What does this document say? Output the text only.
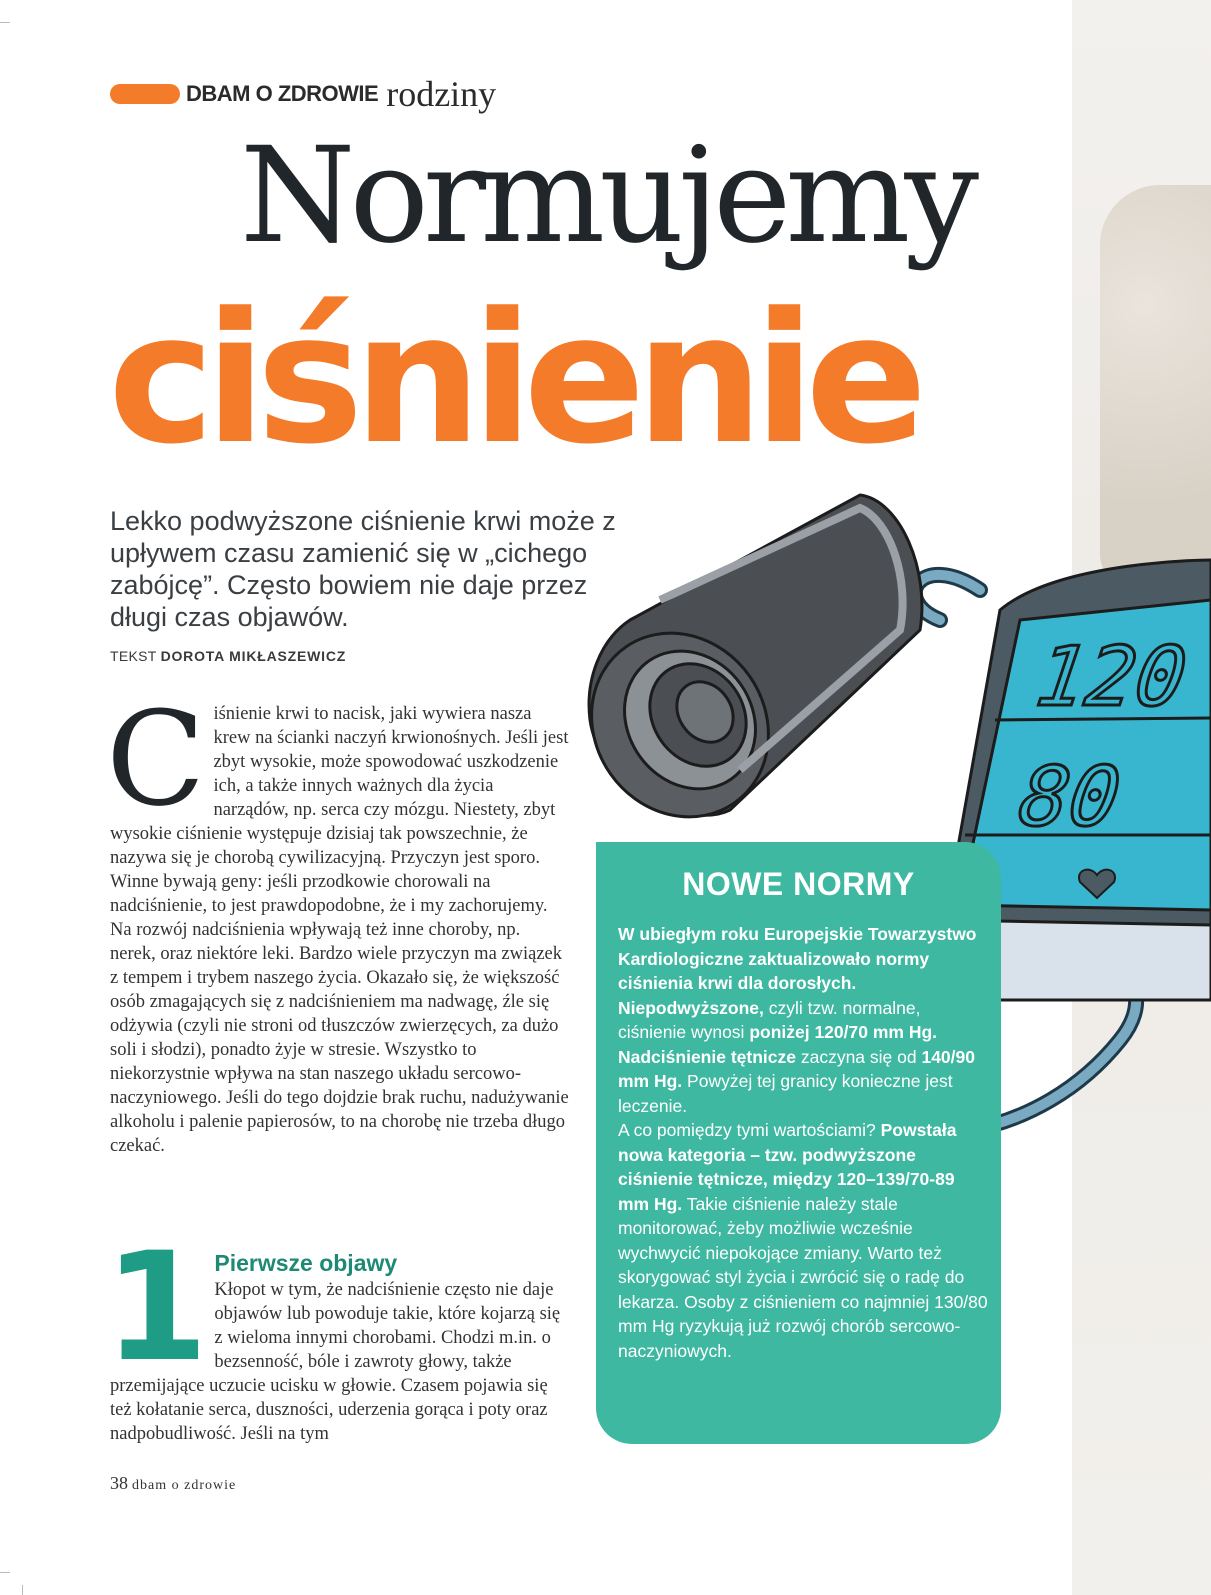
DBAM O ZDROWIE rodziny
Normujemy
ciśnienie
120
80
Lekko podwyższone ciśnienie krwi może z upływem czasu zamienić się w „cichego zabójcę”. Często bowiem nie daje przez długi czas objawów.
TEKST DOROTA MIKŁASZEWICZ
C iśnienie krwi to nacisk, jaki wywiera nasza krew na ścianki naczyń krwionośnych. Jeśli jest zbyt wysokie, może spowodować uszkodzenie ich, a także innych ważnych dla życia narządów, np. serca czy mózgu. Niestety, zbyt wysokie ciśnienie występuje dzisiaj tak powszechnie, że nazywa się je chorobą cywilizacyjną. Przyczyn jest sporo. Winne bywają geny: jeśli przodkowie chorowali na nadciśnienie, to jest prawdopodobne, że i my zachorujemy. Na rozwój nadciśnienia wpływają też inne choroby, np. nerek, oraz niektóre leki. Bardzo wiele przyczyn ma związek z tempem i trybem naszego życia. Okazało się, że większość osób zmagających się z nadciśnieniem ma nadwagę, źle się odżywia (czyli nie stroni od tłuszczów zwierzęcych, za dużo soli i słodzi), ponadto żyje w stresie. Wszystko to niekorzystnie wpływa na stan naszego układu sercowo-naczyniowego. Jeśli do tego dojdzie brak ruchu, nadużywanie alkoholu i palenie papierosów, to na chorobę nie trzeba długo czekać.

1 Pierwsze objawy

Kłopot w tym, że nadciśnienie często nie daje objawów lub powoduje takie, które kojarzą się z wieloma innymi chorobami. Chodzi m.in. o bezsenność, bóle i zawroty głowy, także przemijające uczucie ucisku w głowie. Czasem pojawia się też kołatanie serca, duszności, uderzenia gorąca i poty oraz nadpobudliwość. Jeśli na tym

NOWE NORMY

W ubiegłym roku Europejskie Towarzystwo Kardiologiczne zaktualizowało normy ciśnienia krwi dla dorosłych. Niepodwyższone, czyli tzw. normalne, ciśnienie wynosi poniżej 120/70 mm Hg. Nadciśnienie tętnicze zaczyna się od 140/90 mm Hg. Powyżej tej granicy konieczne jest leczenie.

A co pomiędzy tymi wartościami? Powstała nowa kategoria – tzw. podwyższone ciśnienie tętnicze, między 120–139/70-89 mm Hg. Takie ciśnienie należy stale monitorować, żeby możliwie wcześnie wychwycić niepokojące zmiany. Warto też skorygować styl życia i zwrócić się o radę do lekarza. Osoby z ciśnieniem co najmniej 130/80 mm Hg ryzykują już rozwój chorób sercowo-naczyniowych.

38 dbam o zdrowie
